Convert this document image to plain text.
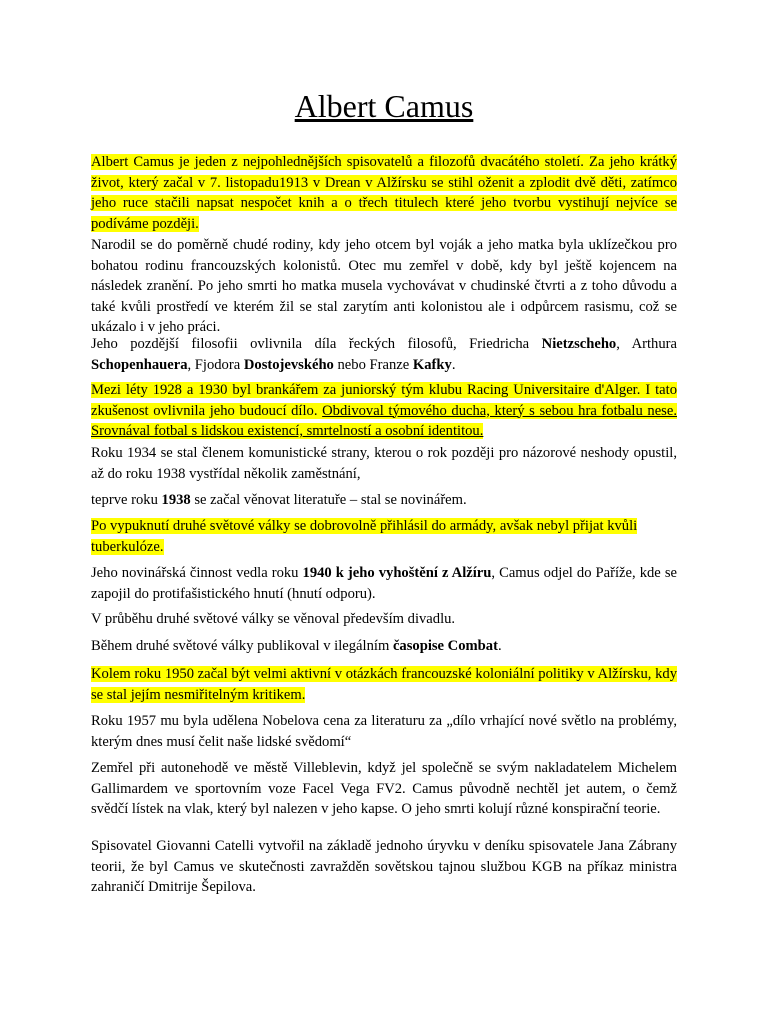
Albert Camus

Albert Camus je jeden z nejpohlednějších spisovatelů a filozofů dvacátého století. Za jeho krátký život, který začal v 7. listopadu1913 v Drean v Alžírsku se stihl oženit a zplodit dvě děti, zatímco jeho ruce stačili napsat nespočet knih a o třech titulech které jeho tvorbu vystihují nejvíce se podíváme později.

Narodil se do poměrně chudé rodiny, kdy jeho otcem byl voják a jeho matka byla uklízečkou pro bohatou rodinu francouzských kolonistů. Otec mu zemřel v době, kdy byl ještě kojencem na následek zranění. Po jeho smrti ho matka musela vychovávat v chudinské čtvrti a z toho důvodu a také kvůli prostředí ve kterém žil se stal zarytím anti kolonistou ale i odpůrcem rasismu, což se ukázalo i v jeho práci.

Jeho pozdější filosofii ovlivnila díla řeckých filosofů, Friedricha Nietzscheho, Arthura Schopenhauera, Fjodora Dostojevského nebo Franze Kafky.

Mezi léty 1928 a 1930 byl brankářem za juniorský tým klubu Racing Universitaire d'Alger. I tato zkušenost ovlivnila jeho budoucí dílo. Obdivoval týmového ducha, který s sebou hra fotbalu nese. Srovnával fotbal s lidskou existencí, smrtelností a osobní identitou.

Roku 1934 se stal členem komunistické strany, kterou o rok později pro názorové neshody opustil, až do roku 1938 vystřídal několik zaměstnání,

teprve roku 1938 se začal věnovat literatuře – stal se novinářem.

Po vypuknutí druhé světové války se dobrovolně přihlásil do armády, avšak nebyl přijat kvůli tuberkulóze.

Jeho novinářská činnost vedla roku 1940 k jeho vyhoštění z Alžíru, Camus odjel do Paříže, kde se zapojil do protifašistického hnutí (hnutí odporu).

V průběhu druhé světové války se věnoval především divadlu.

Během druhé světové války publikoval v ilegálním časopise Combat.

Kolem roku 1950 začal být velmi aktivní v otázkách francouzské koloniální politiky v Alžírsku, kdy se stal jejím nesmiřitelným kritikem.

Roku 1957 mu byla udělena Nobelova cena za literaturu za „dílo vrhající nové světlo na problémy, kterým dnes musí čelit naše lidské svědomí“

Zemřel při autonehodě ve městě Villeblevin, když jel společně se svým nakladatelem Michelem Gallimardem ve sportovním voze Facel Vega FV2. Camus původně nechtěl jet autem, o čemž svědčí lístek na vlak, který byl nalezen v jeho kapse. O jeho smrti kolují různé konspirační teorie.

Spisovatel Giovanni Catelli vytvořil na základě jednoho úryvku v deníku spisovatele Jana Zábrany teorii, že byl Camus ve skutečnosti zavražděn sovětskou tajnou službou KGB na příkaz ministra zahraničí Dmitrije Šepilova.
